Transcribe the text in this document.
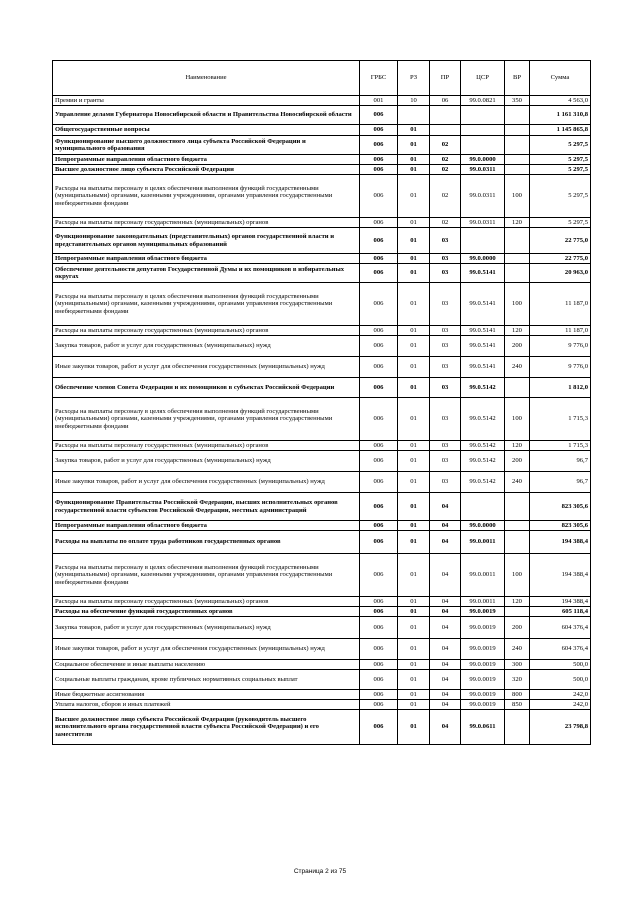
Наименование	ГРБС	РЗ	ПР	ЦСР	ВР	Сумма
Премии и гранты	001	10	06	99.0.0821	350	4 563,0
Управление делами Губернатора Новосибирской области и Правительства Новосибирской области	006					1 161 310,8
Общегосударственные вопросы	006	01				1 145 865,8
Функционирование высшего должностного лица субъекта Российской Федерации и муниципального образования	006	01	02			5 297,5
Непрограммные направления областного бюджета	006	01	02	99.0.0000		5 297,5
Высшее должностное лицо субъекта Российской Федерации	006	01	02	99.0.0311		5 297,5
Расходы на выплаты персоналу в целях обеспечения выполнения функций государственными (муниципальными) органами, казенными учреждениями, органами управления государственными внебюджетными фондами	006	01	02	99.0.0311	100	5 297,5
Расходы на выплаты персоналу государственных (муниципальных) органов	006	01	02	99.0.0311	120	5 297,5
Функционирование законодательных (представительных) органов государственной власти и представительных органов муниципальных образований	006	01	03			22 775,0
Непрограммные направления областного бюджета	006	01	03	99.0.0000		22 775,0
Обеспечение деятельности депутатов Государственной Думы и их помощников в избирательных округах	006	01	03	99.0.5141		20 963,0
Расходы на выплаты персоналу в целях обеспечения выполнения функций государственными (муниципальными) органами, казенными учреждениями, органами управления государственными внебюджетными фондами	006	01	03	99.0.5141	100	11 187,0
Расходы на выплаты персоналу государственных (муниципальных) органов	006	01	03	99.0.5141	120	11 187,0
Закупка товаров, работ и услуг для государственных (муниципальных) нужд	006	01	03	99.0.5141	200	9 776,0
Иные закупки товаров, работ и услуг для обеспечения государственных (муниципальных) нужд	006	01	03	99.0.5141	240	9 776,0
Обеспечение членов Совета Федерации и их помощников в субъектах Российской Федерации	006	01	03	99.0.5142		1 812,0
Расходы на выплаты персоналу в целях обеспечения выполнения функций государственными (муниципальными) органами, казенными учреждениями, органами управления государственными внебюджетными фондами	006	01	03	99.0.5142	100	1 715,3
Расходы на выплаты персоналу государственных (муниципальных) органов	006	01	03	99.0.5142	120	1 715,3
Закупка товаров, работ и услуг для государственных (муниципальных) нужд	006	01	03	99.0.5142	200	96,7
Иные закупки товаров, работ и услуг для обеспечения государственных (муниципальных) нужд	006	01	03	99.0.5142	240	96,7
Функционирование Правительства Российской Федерации, высших исполнительных органов государственной власти субъектов Российской Федерации, местных администраций	006	01	04			823 305,6
Непрограммные направления областного бюджета	006	01	04	99.0.0000		823 305,6
Расходы на выплаты по оплате труда работников государственных органов	006	01	04	99.0.0011		194 388,4
Расходы на выплаты персоналу в целях обеспечения выполнения функций государственными (муниципальными) органами, казенными учреждениями, органами управления государственными внебюджетными фондами	006	01	04	99.0.0011	100	194 388,4
Расходы на выплаты персоналу государственных (муниципальных) органов	006	01	04	99.0.0011	120	194 388,4
Расходы на обеспечение функций государственных органов	006	01	04	99.0.0019		605 118,4
Закупка товаров, работ и услуг для государственных (муниципальных) нужд	006	01	04	99.0.0019	200	604 376,4
Иные закупки товаров, работ и услуг для обеспечения государственных (муниципальных) нужд	006	01	04	99.0.0019	240	604 376,4
Социальное обеспечение и иные выплаты населению	006	01	04	99.0.0019	300	500,0
Социальные выплаты гражданам, кроме публичных нормативных социальных выплат	006	01	04	99.0.0019	320	500,0
Иные бюджетные ассигнования	006	01	04	99.0.0019	800	242,0
Уплата налогов, сборов и иных платежей	006	01	04	99.0.0019	850	242,0
Высшее должностное лицо субъекта Российской Федерации (руководитель высшего исполнительного органа государственной власти субъекта Российской Федерации) и его заместители	006	01	04	99.0.0611		23 798,8
Страница 2 из 75
